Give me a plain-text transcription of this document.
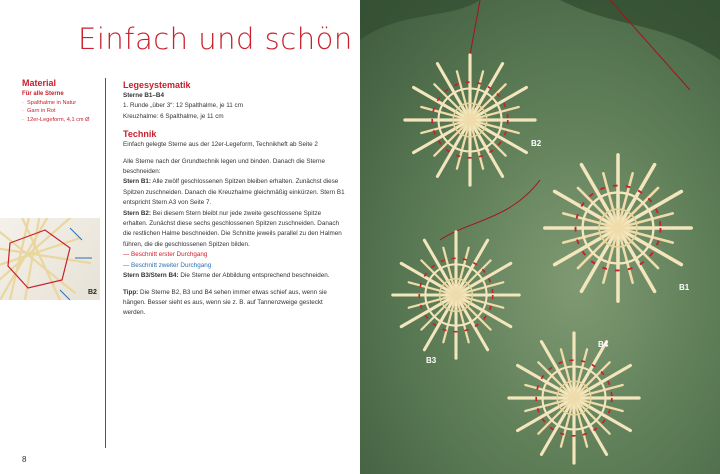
Einfach und schön
Material
Für alle Sterne
· Spalthalme in Natur
· Garn in Rot
· 12er-Legeform, 4,1 cm Ø

Legesystematik

Sterne B1–B4

1. Runde „über 3“: 12 Spalthalme, je 11 cm

Kreuzhalme: 6 Spalthalme, je 11 cm

Technik

Einfach gelegte Sterne aus der 12er-Legeform, Technikheft ab Seite 2

Alle Sterne nach der Grundtechnik legen und binden. Danach die Sterne beschneiden:

Stern B1: Alle zwölf geschlossenen Spitzen bleiben erhalten. Zunächst diese Spitzen zuschneiden. Danach die Kreuzhalme gleichmäßig einkürzen. Stern B1 entspricht Stern A3 von Seite 7.

Stern B2: Bei diesem Stern bleibt nur jede zweite geschlossene Spitze erhalten. Zunächst diese sechs geschlossenen Spitzen zuschneiden. Danach die restlichen Halme beschneiden. Die Schnitte jeweils parallel zu den Halmen führen, die die geschlossenen Spitzen bilden.

— Beschnitt erster Durchgang

— Beschnitt zweiter Durchgang

Stern B3/Stern B4: Die Sterne der Abbildung entsprechend beschneiden.

Tipp: Die Sterne B2, B3 und B4 sehen immer etwas schief aus, wenn sie hängen. Besser sieht es aus, wenn sie z. B. auf Tannenzweige gesteckt werden.

B2
8
B2
B1
B3
B4
